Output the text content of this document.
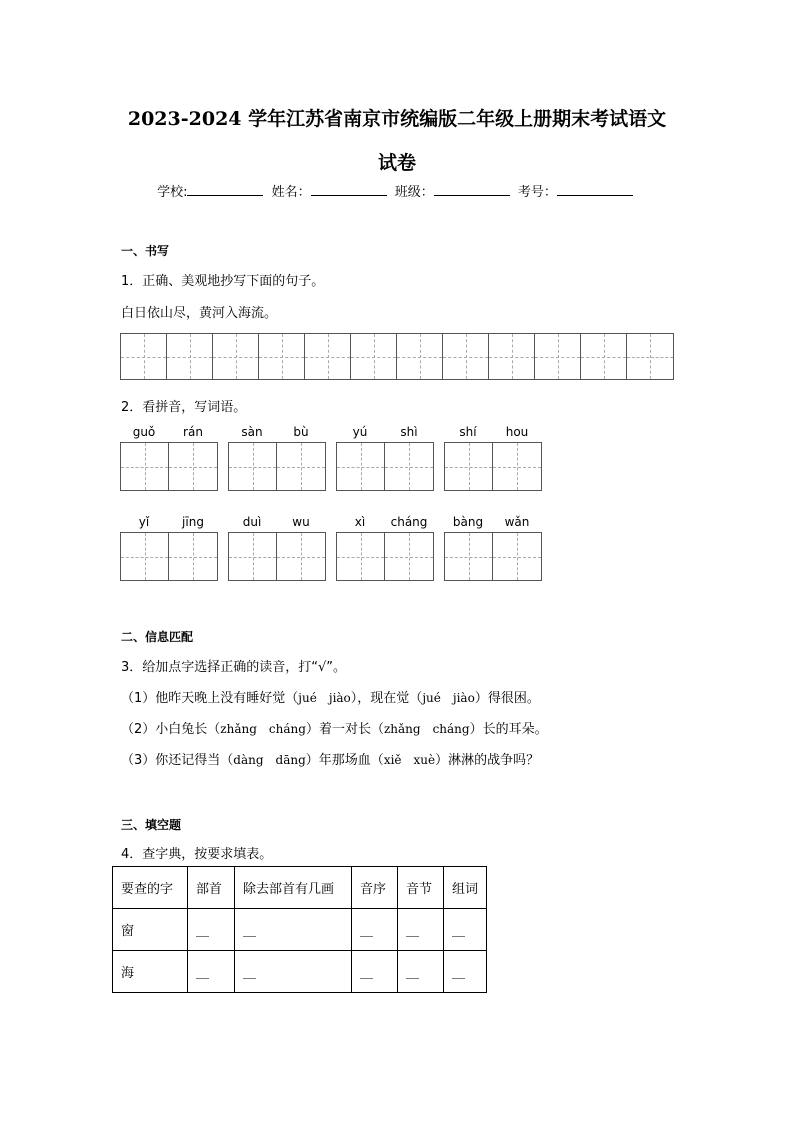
2023-2024 学年江苏省南京市统编版二年级上册期末考试语文
试卷
学校:	姓名：	班级：	考号：
一、书写
1．正确、美观地抄写下面的句子。
白日依山尽，黄河入海流。
2．看拼音，写词语。
guǒ	rán	sàn	bù	yú	shì	shí	hou
yǐ	jīng	duì	wu	xì	cháng	bàng	wǎn
二、信息匹配
3．给加点字选择正确的读音，打“√”。
（1）他昨天晚上没有睡好觉（jué　jiào），现在觉（jué　jiào）得很困。
（2）小白兔长（zhǎng　cháng）着一对长（zhǎng　cháng）长的耳朵。
（3）你还记得当（dàng　dāng）年那场血（xiě　xuè）淋淋的战争吗？
三、填空题
4．查字典，按要求填表。
要查的字	部首	除去部首有几画	音序	音节	组词
窗	＿	＿	＿	＿	＿
海	＿	＿	＿	＿	＿
